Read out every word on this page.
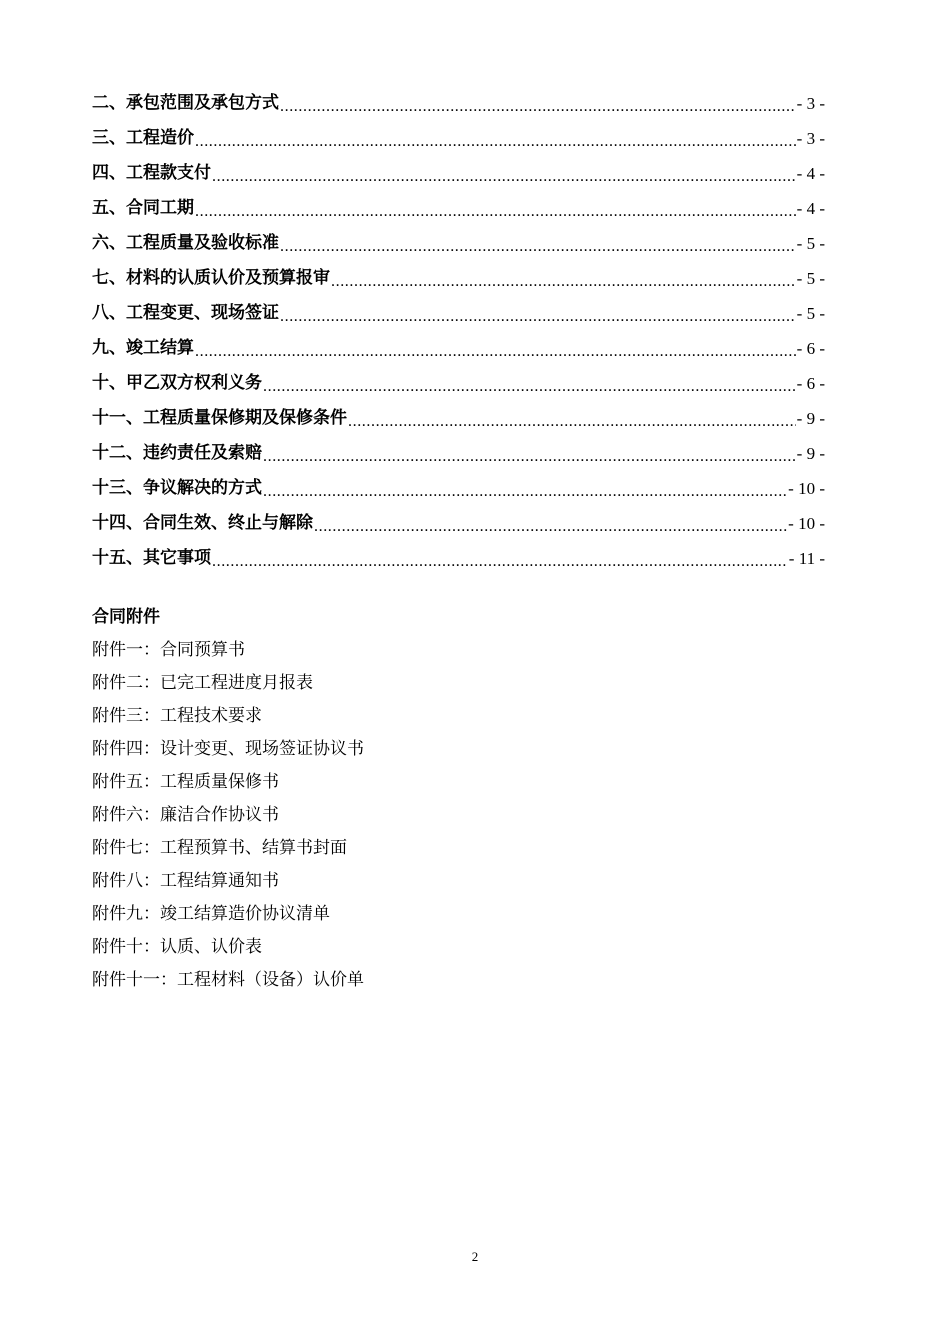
二、承包范围及承包方式 .....	- 3 -
三、工程造价 .....	- 3 -
四、工程款支付 .....	- 4 -
五、合同工期 .....	- 4 -
六、工程质量及验收标准 .....	- 5 -
七、材料的认质认价及预算报审 .....	- 5 -
八、工程变更、现场签证 .....	- 5 -
九、竣工结算 .....	- 6 -
十、甲乙双方权利义务 .....	- 6 -
十一、工程质量保修期及保修条件 .....	- 9 -
十二、违约责任及索赔 .....	- 9 -
十三、争议解决的方式 .....	- 10 -
十四、合同生效、终止与解除 .....	- 10 -
十五、其它事项 .....	- 11 -
合同附件
附件一：合同预算书
附件二：已完工程进度月报表
附件三：工程技术要求
附件四：设计变更、现场签证协议书
附件五：工程质量保修书
附件六：廉洁合作协议书
附件七：工程预算书、结算书封面
附件八：工程结算通知书
附件九：竣工结算造价协议清单
附件十：认质、认价表
附件十一：工程材料（设备）认价单
2
